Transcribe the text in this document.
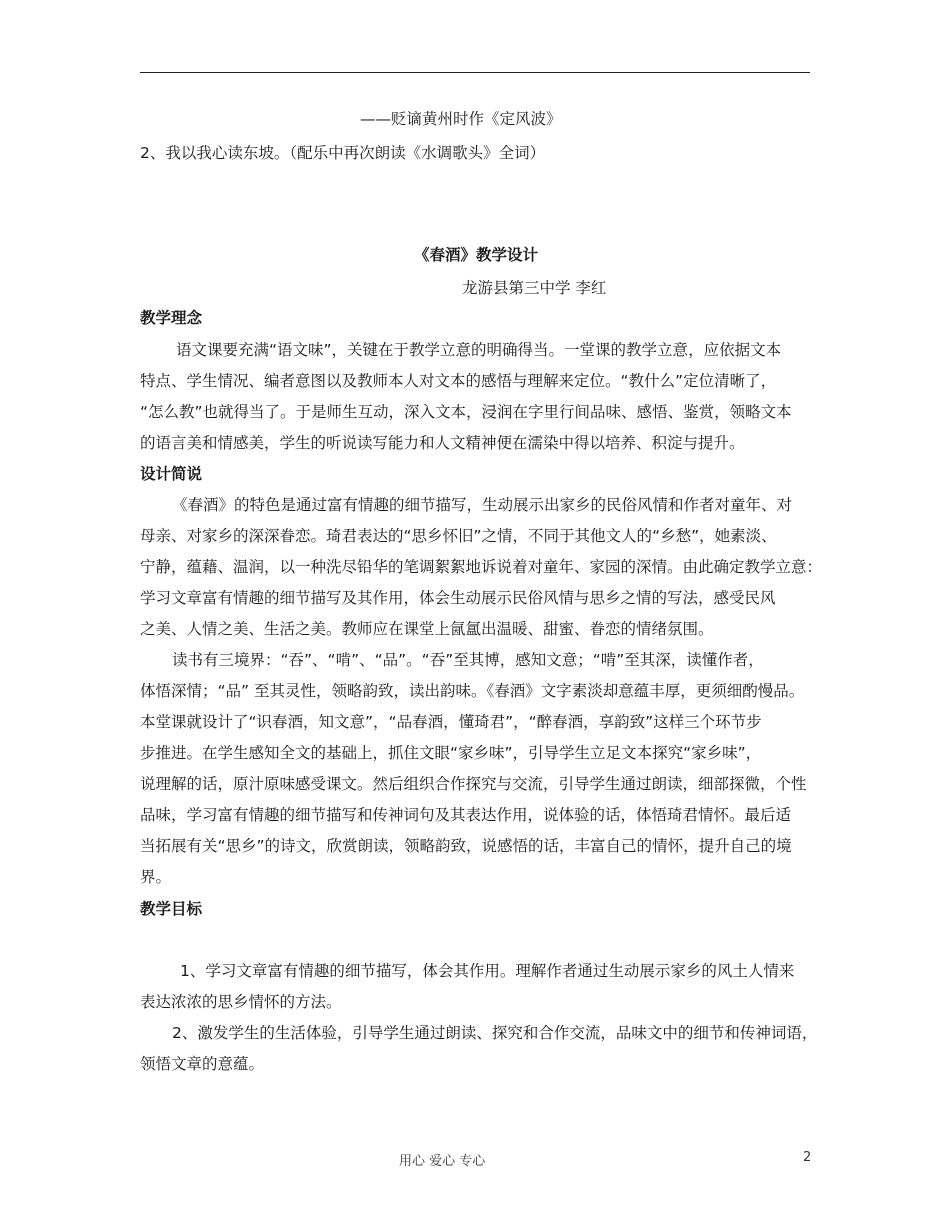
——贬谪黄州时作《定风波》
2、我以我心读东坡。（配乐中再次朗读《水调歌头》全词）
《春酒》教学设计
龙游县第三中学 李红
教学理念
语文课要充满“语文味”，关键在于教学立意的明确得当。一堂课的教学立意，应依据文本
特点、学生情况、编者意图以及教师本人对文本的感悟与理解来定位。“教什么”定位清晰了，
“怎么教”也就得当了。于是师生互动，深入文本，浸润在字里行间品味、感悟、鉴赏，领略文本
的语言美和情感美，学生的听说读写能力和人文精神便在濡染中得以培养、积淀与提升。
设计简说
《春酒》的特色是通过富有情趣的细节描写，生动展示出家乡的民俗风情和作者对童年、对
母亲、对家乡的深深眷恋。琦君表达的“思乡怀旧”之情，不同于其他文人的“乡愁”，她素淡、
宁静，蕴藉、温润，以一种洗尽铅华的笔调絮絮地诉说着对童年、家园的深情。由此确定教学立意：
学习文章富有情趣的细节描写及其作用，体会生动展示民俗风情与思乡之情的写法，感受民风
之美、人情之美、生活之美。教师应在课堂上氤氲出温暖、甜蜜、眷恋的情绪氛围。
读书有三境界：“吞”、“啃”、“品”。“吞”至其博，感知文意；“啃”至其深，读懂作者，
体悟深情；“品” 至其灵性，领略韵致，读出韵味。《春酒》文字素淡却意蕴丰厚，更须细酌慢品。
本堂课就设计了“识春酒，知文意”，“品春酒，懂琦君”，“醉春酒，享韵致”这样三个环节步
步推进。在学生感知全文的基础上，抓住文眼“家乡味”，引导学生立足文本探究“家乡味”，
说理解的话，原汁原味感受课文。然后组织合作探究与交流，引导学生通过朗读，细部探微，个性
品味，学习富有情趣的细节描写和传神词句及其表达作用，说体验的话，体悟琦君情怀。最后适
当拓展有关“思乡”的诗文，欣赏朗读，领略韵致，说感悟的话，丰富自己的情怀，提升自己的境
界。
教学目标
1、学习文章富有情趣的细节描写，体会其作用。理解作者通过生动展示家乡的风土人情来
表达浓浓的思乡情怀的方法。
2、激发学生的生活体验，引导学生通过朗读、探究和合作交流，品味文中的细节和传神词语，
领悟文章的意蕴。
用心 爱心 专心	2
